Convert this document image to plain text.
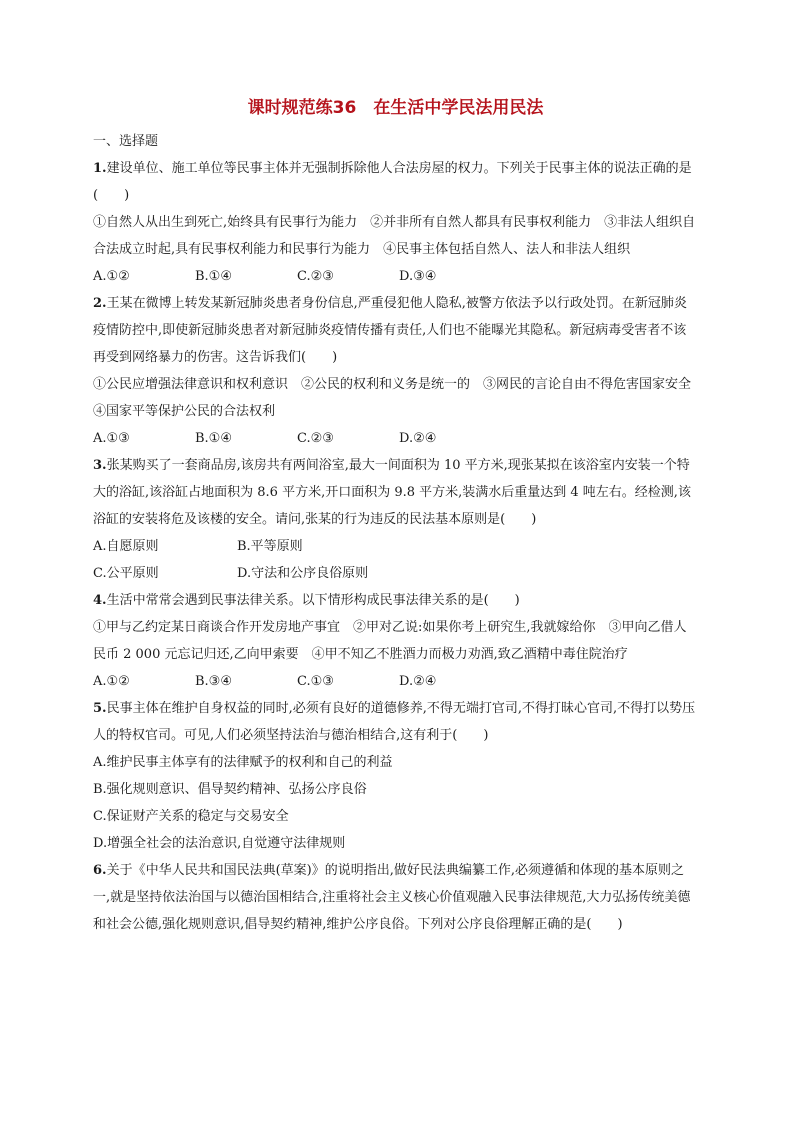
课时规范练36　在生活中学民法用民法

一、选择题

1.建设单位、施工单位等民事主体并无强制拆除他人合法房屋的权力。下列关于民事主体的说法正确的是(　　)

①自然人从出生到死亡,始终具有民事行为能力　②并非所有自然人都具有民事权利能力　③非法人组织自合法成立时起,具有民事权利能力和民事行为能力　④民事主体包括自然人、法人和非法人组织

A.①②	B.①④	C.②③	D.③④

2.王某在微博上转发某新冠肺炎患者身份信息,严重侵犯他人隐私,被警方依法予以行政处罚。在新冠肺炎疫情防控中,即使新冠肺炎患者对新冠肺炎疫情传播有责任,人们也不能曝光其隐私。新冠病毒受害者不该再受到网络暴力的伤害。这告诉我们(　　)

①公民应增强法律意识和权利意识　②公民的权利和义务是统一的　③网民的言论自由不得危害国家安全　④国家平等保护公民的合法权利

A.①③	B.①④	C.②③	D.②④

3.张某购买了一套商品房,该房共有两间浴室,最大一间面积为 10 平方米,现张某拟在该浴室内安装一个特大的浴缸,该浴缸占地面积为 8.6 平方米,开口面积为 9.8 平方米,装满水后重量达到 4 吨左右。经检测,该浴缸的安装将危及该楼的安全。请问,张某的行为违反的民法基本原则是(　　)

A.自愿原则	B.平等原则
C.公平原则	D.守法和公序良俗原则

4.生活中常常会遇到民事法律关系。以下情形构成民事法律关系的是(　　)

①甲与乙约定某日商谈合作开发房地产事宜　②甲对乙说:如果你考上研究生,我就嫁给你　③甲向乙借人民币 2 000 元忘记归还,乙向甲索要　④甲不知乙不胜酒力而极力劝酒,致乙酒精中毒住院治疗

A.①②	B.③④	C.①③	D.②④

5.民事主体在维护自身权益的同时,必须有良好的道德修养,不得无端打官司,不得打昧心官司,不得打以势压人的特权官司。可见,人们必须坚持法治与德治相结合,这有利于(　　)

A.维护民事主体享有的法律赋予的权利和自己的利益

B.强化规则意识、倡导契约精神、弘扬公序良俗

C.保证财产关系的稳定与交易安全

D.增强全社会的法治意识,自觉遵守法律规则

6.关于《中华人民共和国民法典(草案)》的说明指出,做好民法典编纂工作,必须遵循和体现的基本原则之一,就是坚持依法治国与以德治国相结合,注重将社会主义核心价值观融入民事法律规范,大力弘扬传统美德和社会公德,强化规则意识,倡导契约精神,维护公序良俗。下列对公序良俗理解正确的是(　　)
